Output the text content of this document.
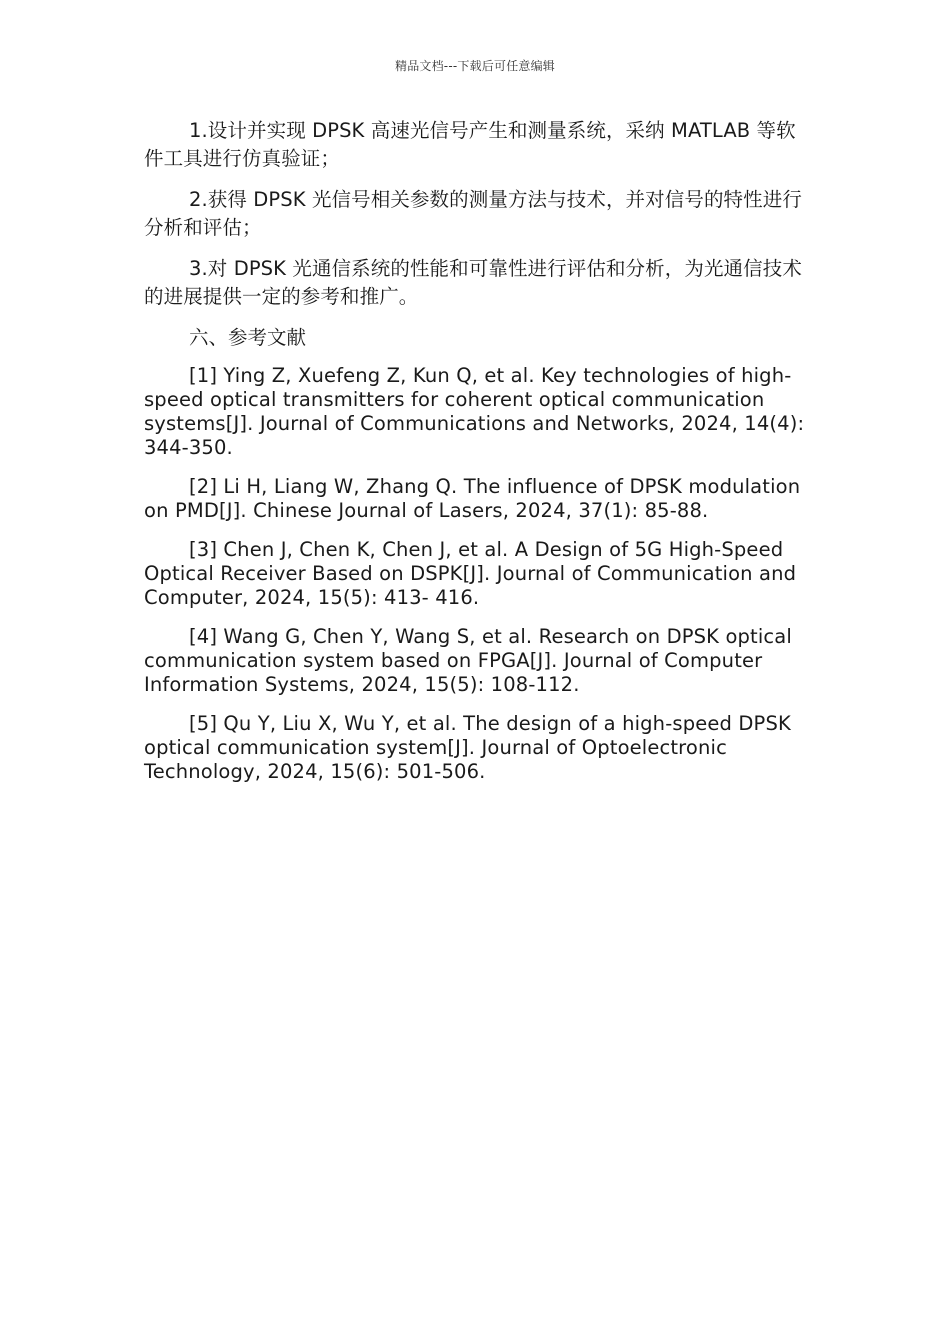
精品文档---下载后可任意编辑

1.设计并实现 DPSK 高速光信号产生和测量系统，采纳 MATLAB 等软件工具进行仿真验证；

2.获得 DPSK 光信号相关参数的测量方法与技术，并对信号的特性进行分析和评估；

3.对 DPSK 光通信系统的性能和可靠性进行评估和分析，为光通信技术的进展提供一定的参考和推广。

六、参考文献

[1] Ying Z, Xuefeng Z, Kun Q, et al. Key technologies of high-speed optical transmitters for coherent optical communication systems[J]. Journal of Communications and Networks, 2024, 14(4): 344-350.

[2] Li H, Liang W, Zhang Q. The influence of DPSK modulation on PMD[J]. Chinese Journal of Lasers, 2024, 37(1): 85-88.

[3] Chen J, Chen K, Chen J, et al. A Design of 5G High-Speed Optical Receiver Based on DSPK[J]. Journal of Communication and Computer, 2024, 15(5): 413- 416.

[4] Wang G, Chen Y, Wang S, et al. Research on DPSK optical communication system based on FPGA[J]. Journal of Computer Information Systems, 2024, 15(5): 108-112.

[5] Qu Y, Liu X, Wu Y, et al. The design of a high-speed DPSK optical communication system[J]. Journal of Optoelectronic Technology, 2024, 15(6): 501-506.
